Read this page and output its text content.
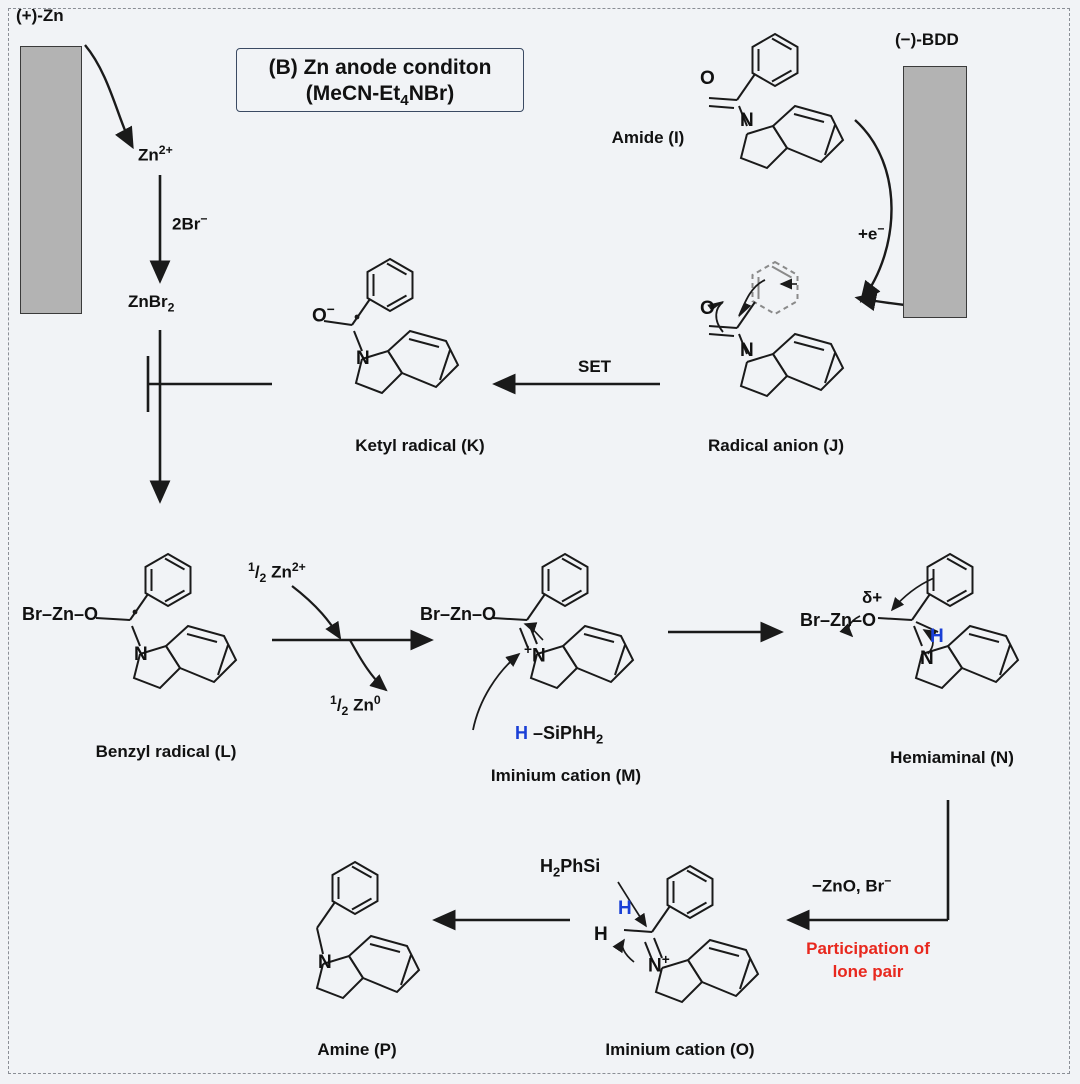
(+)-Zn
(−)-BDD
(B) Zn anode conditon
$(MeCN-Et_4NBr)$
$Zn^{2+}$
2Br−
ZnBr$_2$
+e−
SET
$^1/_2$ $Zn^{2+}$
$^1/_2$ $Zn^0$
−ZnO, Br−
Participation of
lone pair
O
N
O
N
O−
N
Br–Zn–O
N
Br–Zn–O
+N
H –SiPhH$_2$
Br–Zn–O
δ+
H
N
$H_2PhSi$
H
H
N+
N
Amide (I)
Radical anion (J)
Ketyl radical (K)
Benzyl radical (L)
Iminium cation (M)
Hemiaminal (N)
Iminium cation (O)
Amine (P)
